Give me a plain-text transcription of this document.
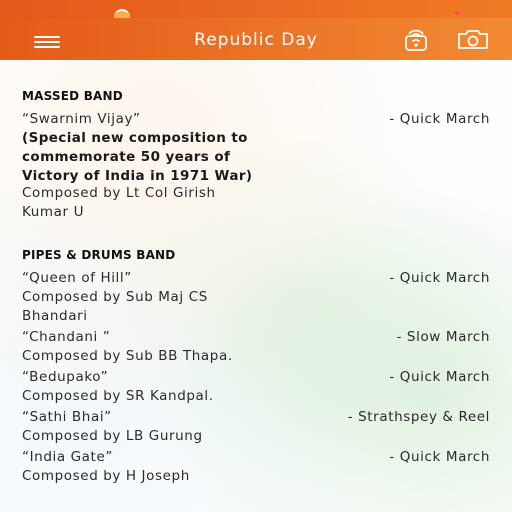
Republic Day
MASSED BAND
“Swarnim Vijay”	- Quick March
(Special new composition to
commemorate 50 years of
Victory of India in 1971 War)
Composed by Lt Col Girish
Kumar U
PIPES & DRUMS BAND
“Queen of Hill”	- Quick March
Composed by Sub Maj CS
Bhandari
“Chandani ”	- Slow March
Composed by Sub BB Thapa.
“Bedupako”	- Quick March
Composed by SR Kandpal.
“Sathi Bhai”	- Strathspey & Reel
Composed by LB Gurung
“India Gate”	- Quick March
Composed by H Joseph
